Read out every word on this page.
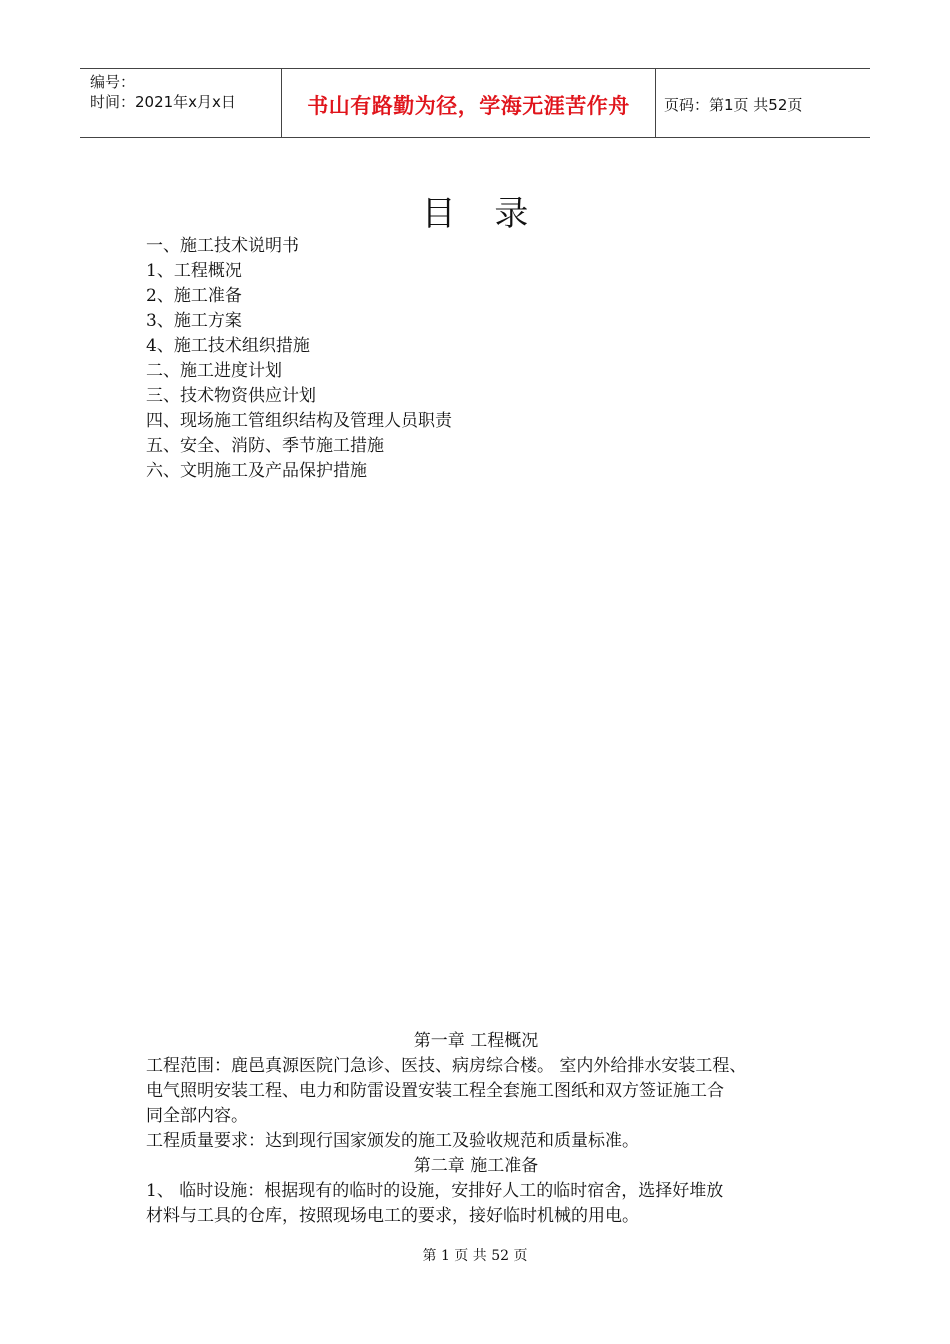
编号：
时间：2021年x月x日	书山有路勤为径，学海无涯苦作舟	页码：第1页 共52页
目 录
一、施工技术说明书
1、工程概况
2、施工准备
3、施工方案
4、施工技术组织措施
二、施工进度计划
三、技术物资供应计划
四、现场施工管组织结构及管理人员职责
五、安全、消防、季节施工措施
六、文明施工及产品保护措施
第一章 工程概况

工程范围：鹿邑真源医院门急诊、医技、病房综合楼。 室内外给排水安装工程、
电气照明安装工程、电力和防雷设置安装工程全套施工图纸和双方签证施工合
同全部内容。

工程质量要求：达到现行国家颁发的施工及验收规范和质量标准。

第二章 施工准备

1、 临时设施：根据现有的临时的设施，安排好人工的临时宿舍，选择好堆放
材料与工具的仓库，按照现场电工的要求，接好临时机械的用电。

第 1 页 共 52 页
